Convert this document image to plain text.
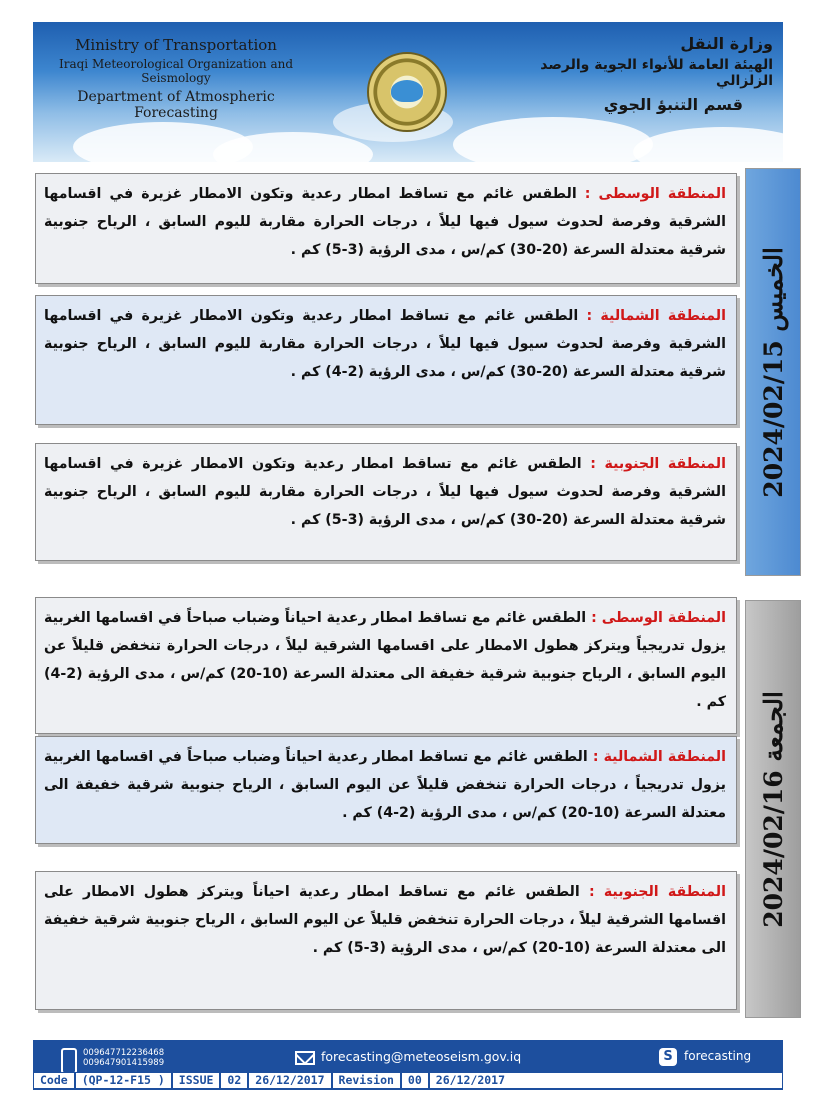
Ministry of Transportation
Iraqi Meteorological Organization and Seismology
Department of Atmospheric Forecasting
وزارة النقل
الهيئة العامة للأنواء الجوية والرصد الزلزالي
قسم التنبؤ الجوي
المنطقة الوسطى : الطقس غائم مع تساقط امطار رعدية وتكون الامطار غزيرة في اقسامها الشرقية وفرصة لحدوث سيول فيها ليلاً ، درجات الحرارة مقاربة لليوم السابق ، الرياح جنوبية شرقية معتدلة السرعة (20-30) كم/س ، مدى الرؤية (3-5) كم .
المنطقة الشمالية : الطقس غائم مع تساقط امطار رعدية وتكون الامطار غزيرة في اقسامها الشرقية وفرصة لحدوث سيول فيها ليلاً ، درجات الحرارة مقاربة لليوم السابق ، الرياح جنوبية شرقية معتدلة السرعة (20-30) كم/س ، مدى الرؤية (2-4) كم .
المنطقة الجنوبية : الطقس غائم مع تساقط امطار رعدية وتكون الامطار غزيرة في اقسامها الشرقية وفرصة لحدوث سيول فيها ليلاً ، درجات الحرارة مقاربة لليوم السابق ، الرياح جنوبية شرقية معتدلة السرعة (20-30) كم/س ، مدى الرؤية (3-5) كم .
الخميس 2024/02/15
المنطقة الوسطى : الطقس غائم مع تساقط امطار رعدية احياناً وضباب صباحاً في اقسامها الغربية يزول تدريجياً ويتركز هطول الامطار على اقسامها الشرقية ليلاً ، درجات الحرارة تنخفض قليلاً عن اليوم السابق ، الرياح جنوبية شرقية خفيفة الى معتدلة السرعة (10-20) كم/س ، مدى الرؤية (2-4) كم .
المنطقة الشمالية : الطقس غائم مع تساقط امطار رعدية احياناً وضباب صباحاً في اقسامها الغربية يزول تدريجياً ، درجات الحرارة تنخفض قليلاً عن اليوم السابق ، الرياح جنوبية شرقية خفيفة الى معتدلة السرعة (10-20) كم/س ، مدى الرؤية (2-4) كم .
المنطقة الجنوبية : الطقس غائم مع تساقط امطار رعدية احياناً ويتركز هطول الامطار على اقسامها الشرقية ليلاً ، درجات الحرارة تنخفض قليلاً عن اليوم السابق ، الرياح جنوبية شرقية خفيفة الى معتدلة السرعة (10-20) كم/س ، مدى الرؤية (3-5) كم .
الجمعة 2024/02/16
009647712236468
009647901415989	forecasting@meteoseism.gov.iq	S forecasting
Code	(QP-12-F15 )	ISSUE	02	26/12/2017	Revision	00	26/12/2017
